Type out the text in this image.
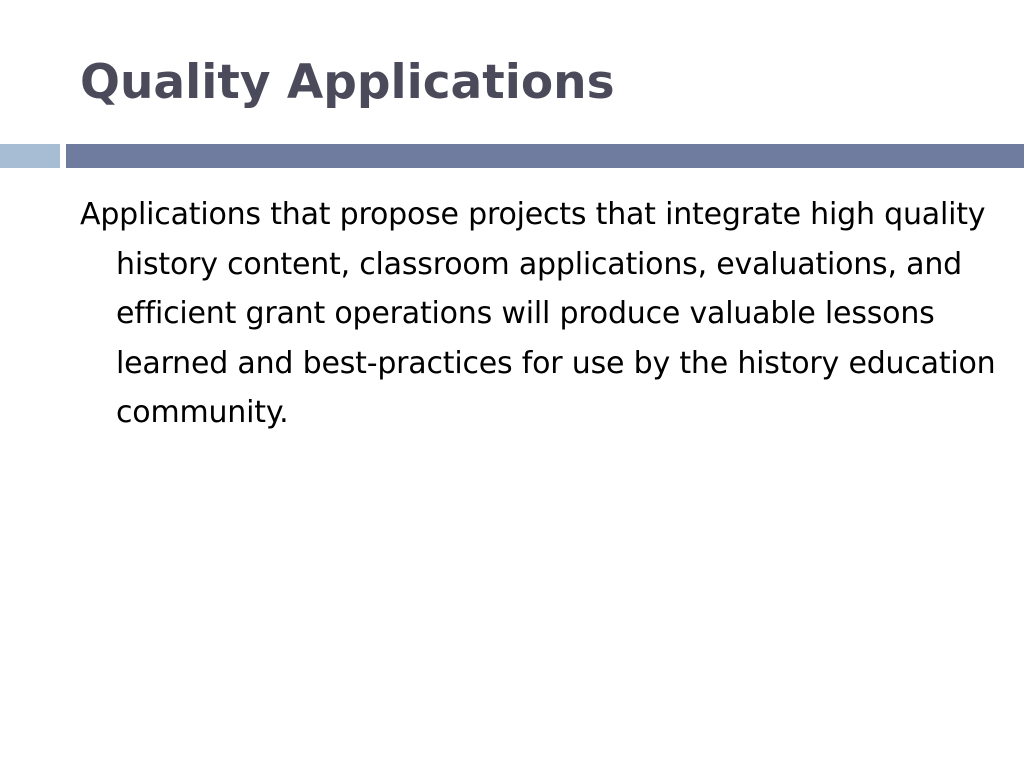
Quality Applications

Applications that propose projects that integrate high quality history content, classroom applications, evaluations, and efficient grant operations will produce valuable lessons learned and best-practices for use by the history education community.
